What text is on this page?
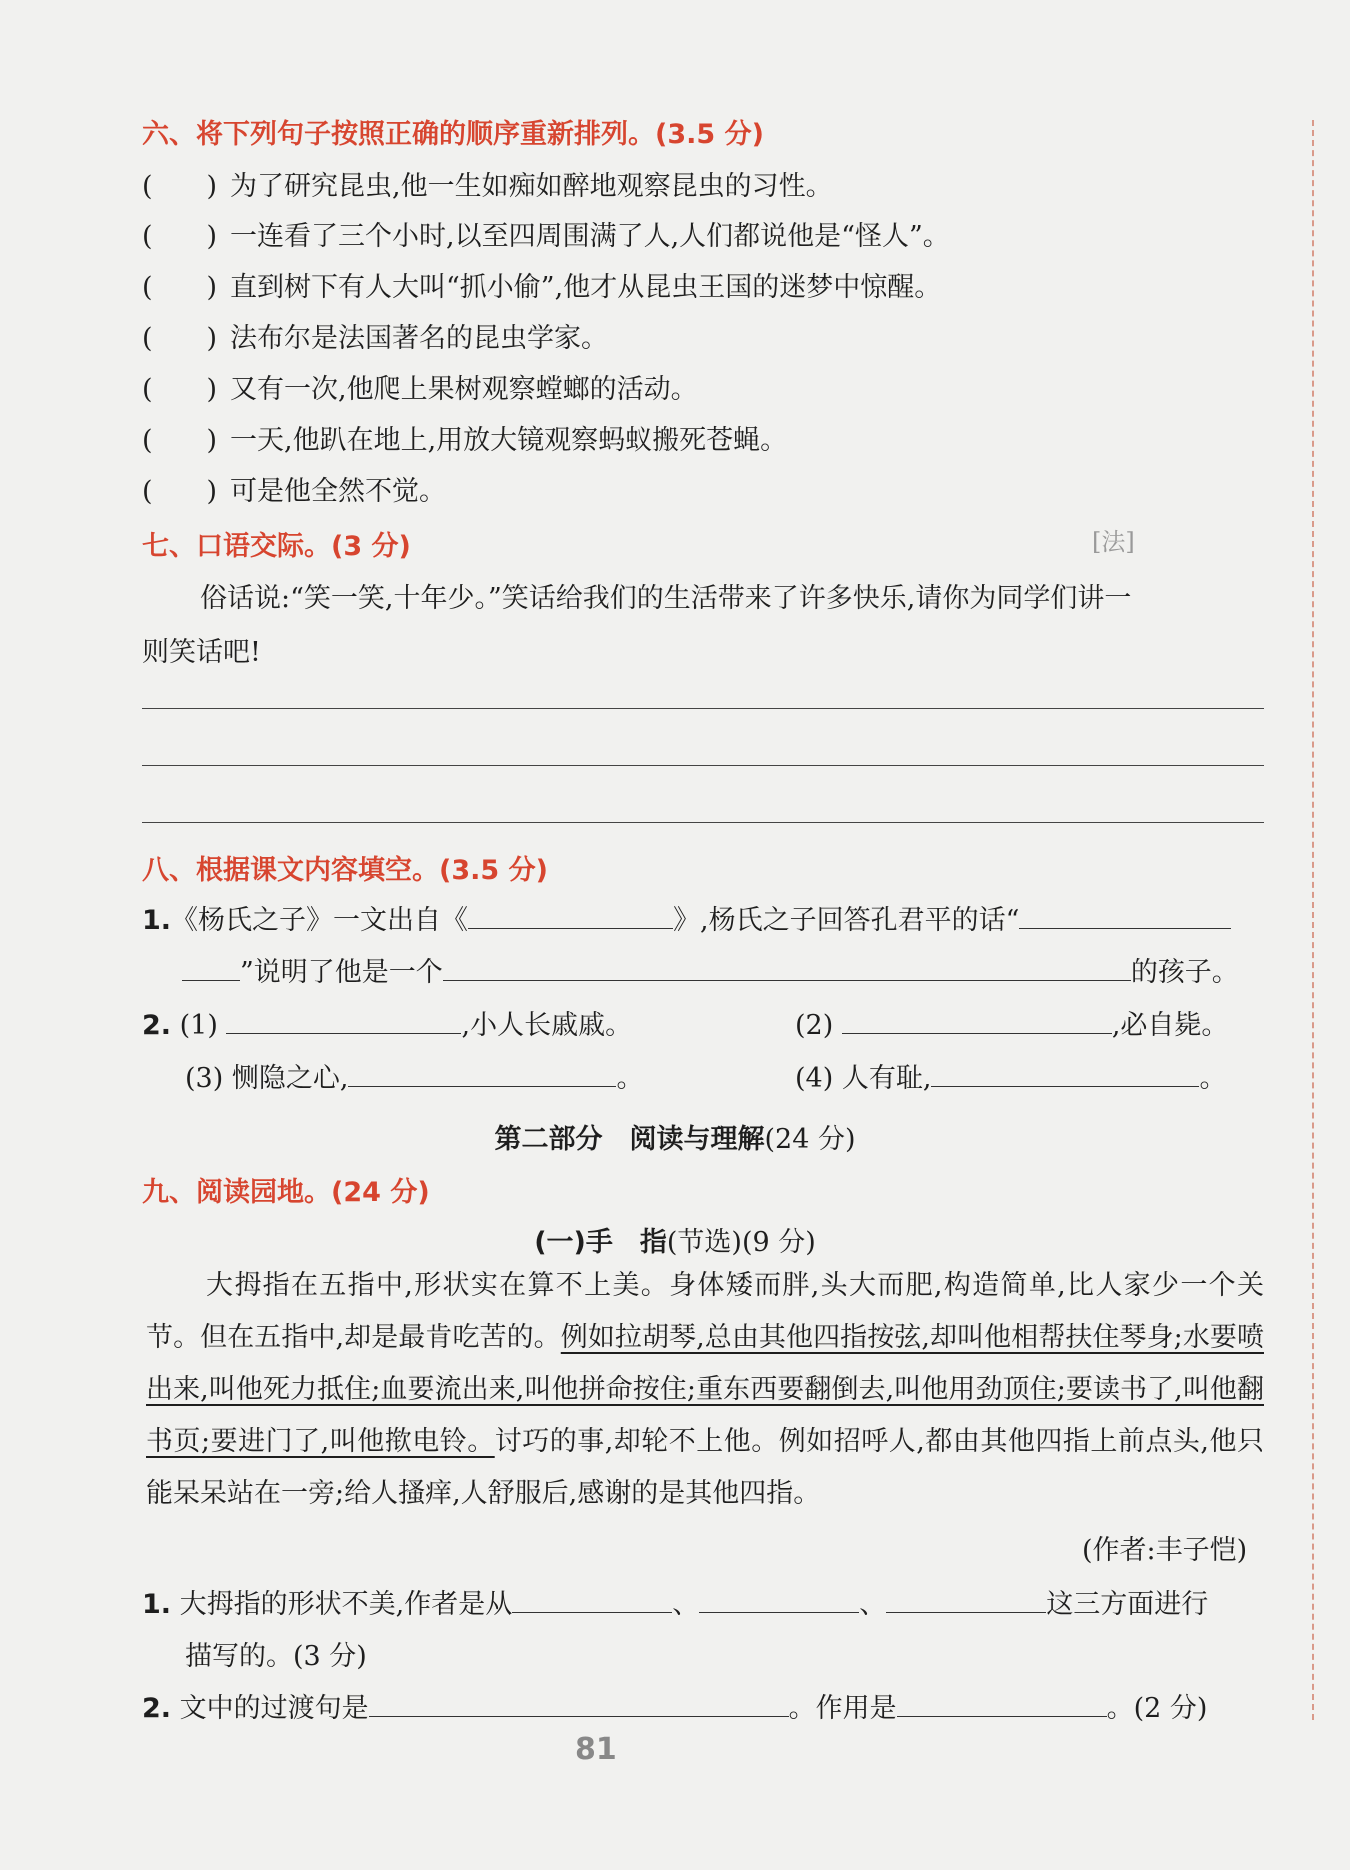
六、将下列句子按照正确的顺序重新排列。(3.5 分)
(　　) 为了研究昆虫,他一生如痴如醉地观察昆虫的习性。
(　　) 一连看了三个小时,以至四周围满了人,人们都说他是“怪人”。
(　　) 直到树下有人大叫“抓小偷”,他才从昆虫王国的迷梦中惊醒。
(　　) 法布尔是法国著名的昆虫学家。
(　　) 又有一次,他爬上果树观察螳螂的活动。
(　　) 一天,他趴在地上,用放大镜观察蚂蚁搬死苍蝇。
(　　) 可是他全然不觉。
七、口语交际。(3 分)	[法]
俗话说:“笑一笑,十年少。”笑话给我们的生活带来了许多快乐,请你为同学们讲一
则笑话吧!
八、根据课文内容填空。(3.5 分)
1.《杨氏之子》一文出自《	》,杨氏之子回答孔君平的话“
”说明了他是一个	的孩子。
2. (1)	,小人长戚戚。	(2)	,必自毙。
(3) 恻隐之心,	。	(4) 人有耻,	。
第二部分　阅读与理解(24 分)
九、阅读园地。(24 分)
(一)手　指(节选)(9 分)
大拇指在五指中,形状实在算不上美。身体矮而胖,头大而肥,构造简单,比人家少一个关节。但在五指中,却是最肯吃苦的。例如拉胡琴,总由其他四指按弦,却叫他相帮扶住琴身;水要喷出来,叫他死力抵住;血要流出来,叫他拼命按住;重东西要翻倒去,叫他用劲顶住;要读书了,叫他翻书页;要进门了,叫他揿电铃。讨巧的事,却轮不上他。例如招呼人,都由其他四指上前点头,他只能呆呆站在一旁;给人搔痒,人舒服后,感谢的是其他四指。
(作者:丰子恺)
1. 大拇指的形状不美,作者是从	、	、	这三方面进行
描写的。(3 分)
2. 文中的过渡句是	。作用是	。(2 分)
81
